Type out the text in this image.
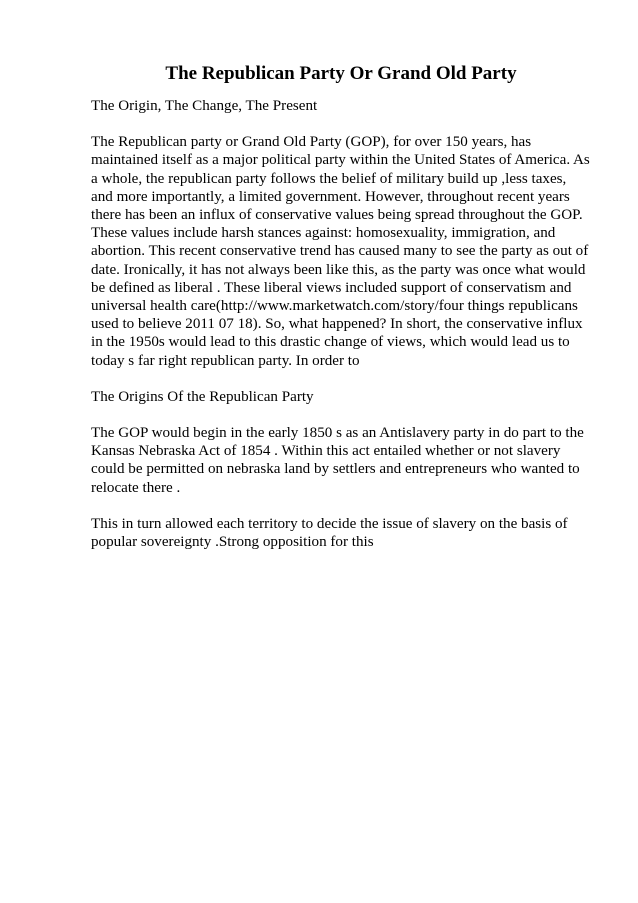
The Republican Party Or Grand Old Party

The Origin, The Change, The Present

The Republican party or Grand Old Party (GOP), for over 150 years, has maintained itself as a major political party within the United States of America. As a whole, the republican party follows the belief of military build up ,less taxes, and more importantly, a limited government. However, throughout recent years there has been an influx of conservative values being spread throughout the GOP. These values include harsh stances against: homosexuality, immigration, and abortion. This recent conservative trend has caused many to see the party as out of date. Ironically, it has not always been like this, as the party was once what would be defined as liberal . These liberal views included support of conservatism and universal health care(http://www.marketwatch.com/story/four things republicans used to believe 2011 07 18). So, what happened? In short, the conservative influx in the 1950s would lead to this drastic change of views, which would lead us to today s far right republican party. In order to

The Origins Of the Republican Party

The GOP would begin in the early 1850 s as an Antislavery party in do part to the Kansas Nebraska Act of 1854 . Within this act entailed whether or not slavery could be permitted on nebraska land by settlers and entrepreneurs who wanted to relocate there .

This in turn allowed each territory to decide the issue of slavery on the basis of popular sovereignty .Strong opposition for this
